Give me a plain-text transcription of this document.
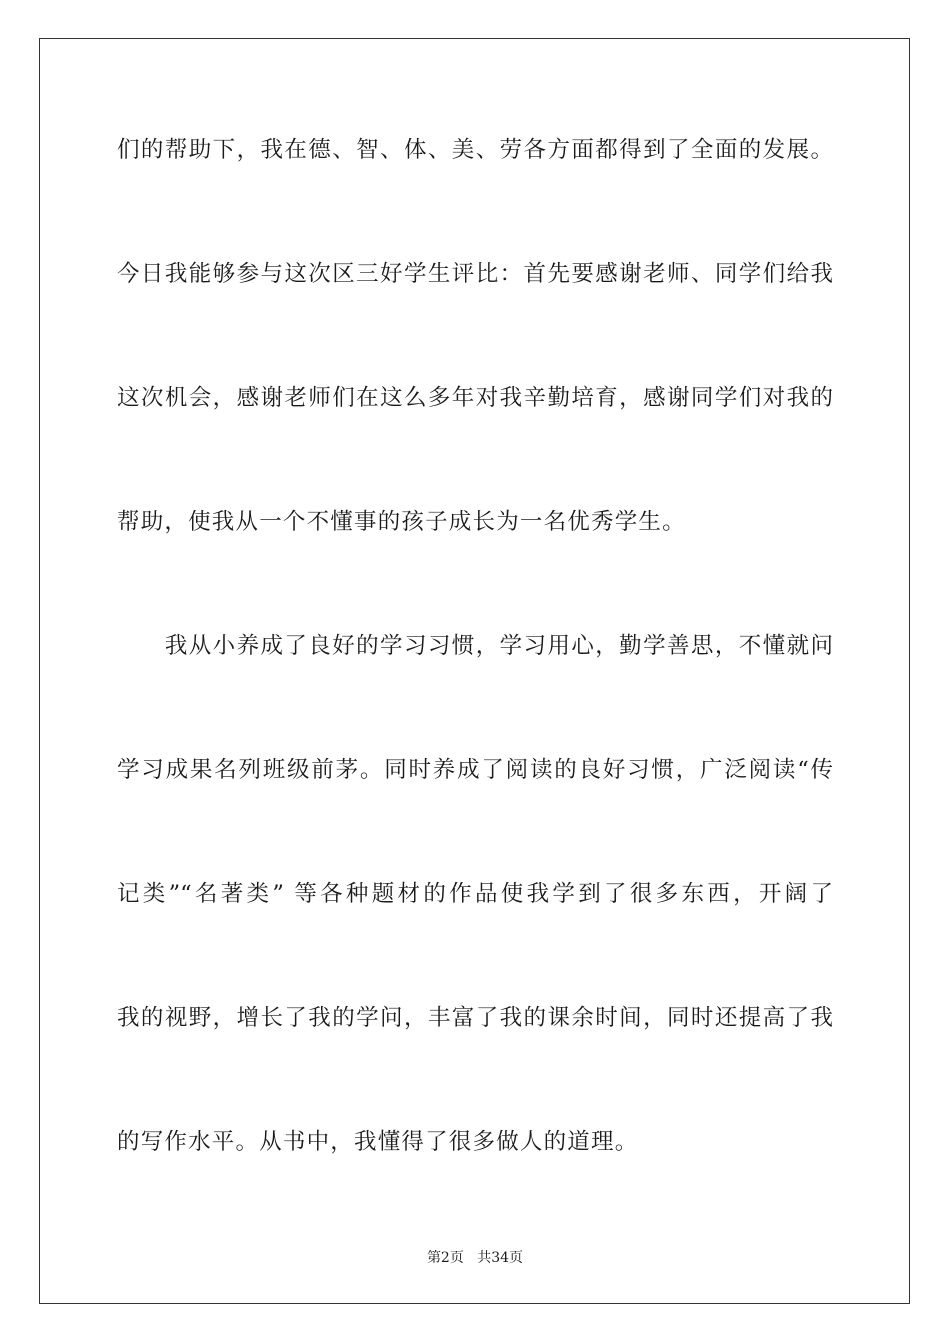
们的帮助下，我在德、智、体、美、劳各方面都得到了全面的发展。
今日我能够参与这次区三好学生评比：首先要感谢老师、同学们给我
这次机会，感谢老师们在这么多年对我辛勤培育，感谢同学们对我的
帮助，使我从一个不懂事的孩子成长为一名优秀学生。
　　我从小养成了良好的学习习惯，学习用心，勤学善思，不懂就问
学习成果名列班级前茅。同时养成了阅读的良好习惯，广泛阅读“传
记类”“名著类” 等各种题材的作品使我学到了很多东西，开阔了
我的视野，增长了我的学问，丰富了我的课余时间，同时还提高了我
的写作水平。从书中，我懂得了很多做人的道理。
第2页 共34页
